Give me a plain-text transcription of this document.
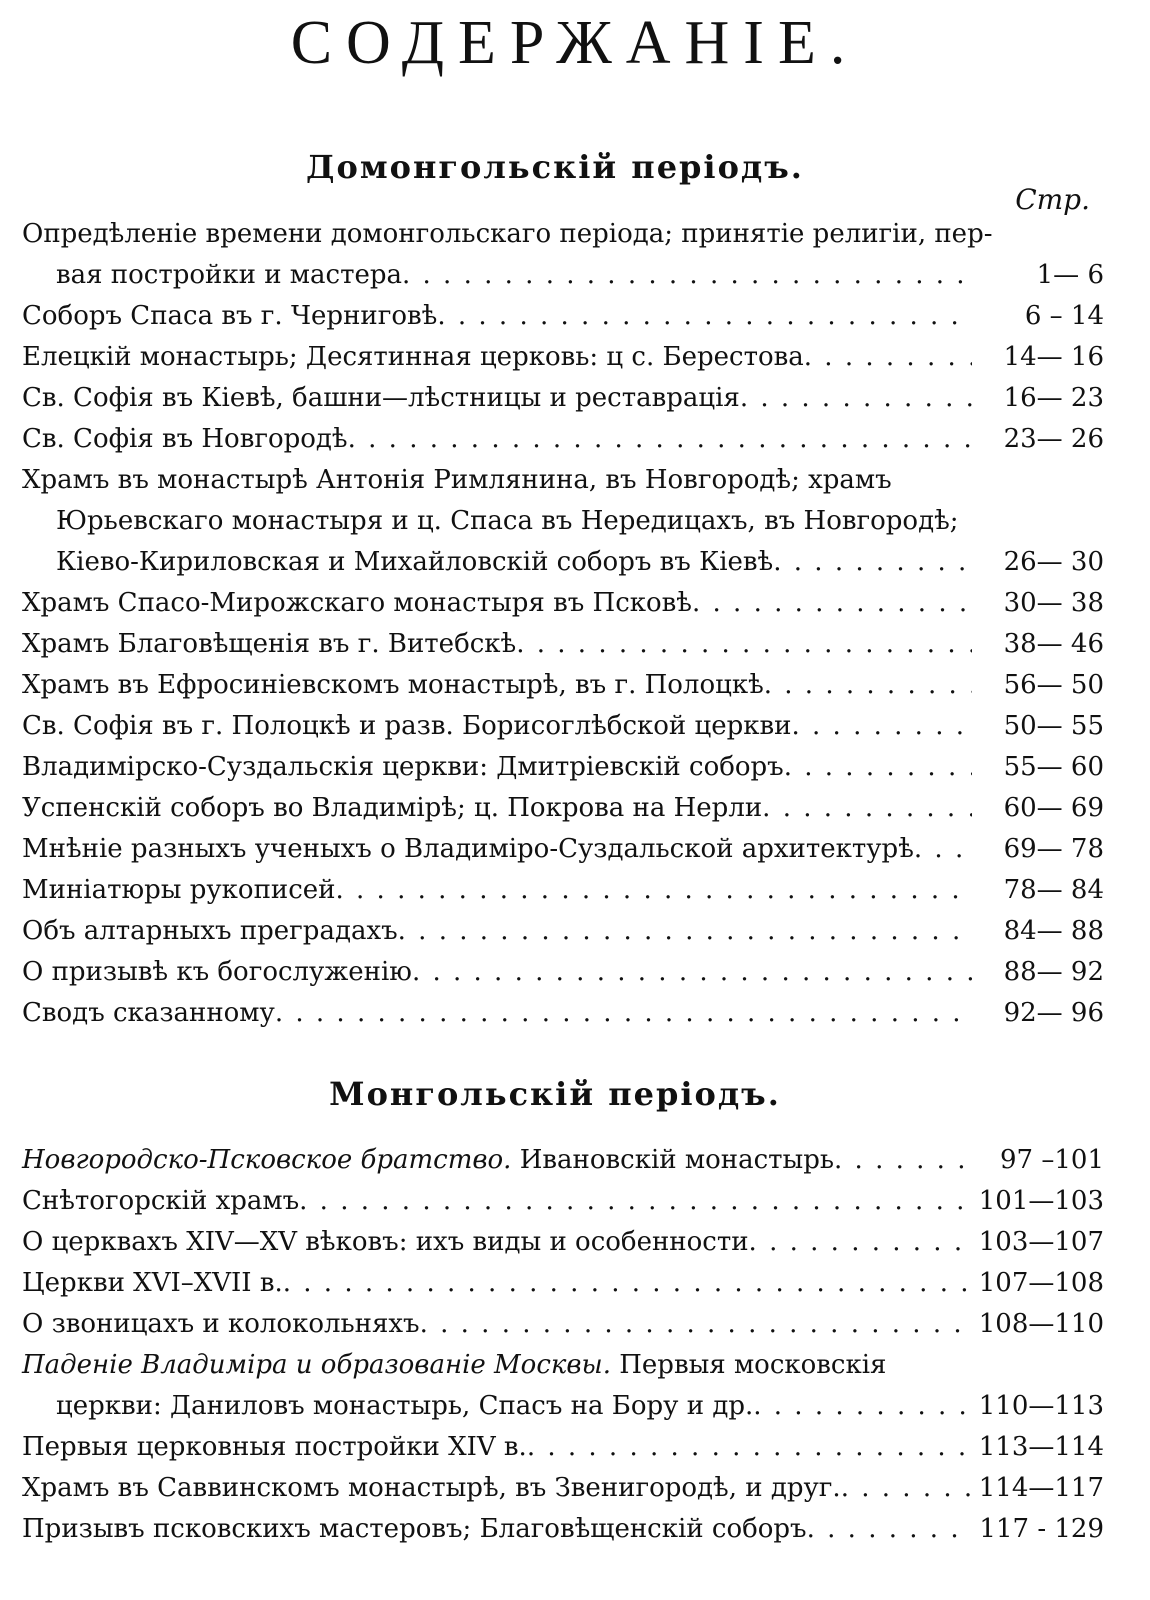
СОДЕРЖАНІЕ.
Домонгольскій періодъ.
Стр.
Опредѣленіе времени домонгольскаго періода; принятіе религіи, пер-
вая постройки и мастера . . .	1— 6
Соборъ Спаса въ г. Черниговѣ . . .	6 – 14
Елецкій монастырь; Десятинная церковь: ц с. Берестова . . .	14— 16
Св. Софія въ Кіевѣ, башни—лѣстницы и реставрація . . .	16— 23
Св. Софія въ Новгородѣ . . .	23— 26
Храмъ въ монастырѣ Антонія Римлянина, въ Новгородѣ; храмъ
Юрьевскаго монастыря и ц. Спаса въ Нередицахъ, въ Новгородѣ;
Кіево-Кириловская и Михайловскій соборъ въ Кіевѣ . . .	26— 30
Храмъ Спасо-Мирожскаго монастыря въ Псковѣ . . .	30— 38
Храмъ Благовѣщенія въ г. Витебскѣ . . .	38— 46
Храмъ въ Ефросиніевскомъ монастырѣ, въ г. Полоцкѣ . . .	56— 50
Св. Софія въ г. Полоцкѣ и разв. Борисоглѣбской церкви . . .	50— 55
Владимірско-Суздальскія церкви: Дмитріевскій соборъ . . .	55— 60
Успенскій соборъ во Владимірѣ; ц. Покрова на Нерли . . .	60— 69
Мнѣніе разныхъ ученыхъ о Владиміро-Суздальской архитектурѣ . . .	69— 78
Миніатюры рукописей . . .	78— 84
Объ алтарныхъ преградахъ . . .	84— 88
О призывѣ къ богослуженію . . .	88— 92
Сводъ сказанному . . .	92— 96
Монгольскій періодъ.
Новгородско-Псковское братство.
Ивановскій монастырь . . .	97 –101
Снѣтогорскій храмъ . . .	101—103
О церквахъ XIV—XV вѣковъ: ихъ виды и особенности . . .	103—107
Церкви XVI–XVII в. . . .	107—108
О звоницахъ и колокольняхъ . . .	108—110
Паденіе Владиміра и образованіе Москвы.
Первыя московскія
церкви: Даниловъ монастырь, Спасъ на Бору и др. . . .	110—113
Первыя церковныя постройки XIV в. . . .	113—114
Храмъ въ Саввинскомъ монастырѣ, въ Звенигородѣ, и друг. . . .	114—117
Призывъ псковскихъ мастеровъ; Благовѣщенскій соборъ . . .	117 - 129
